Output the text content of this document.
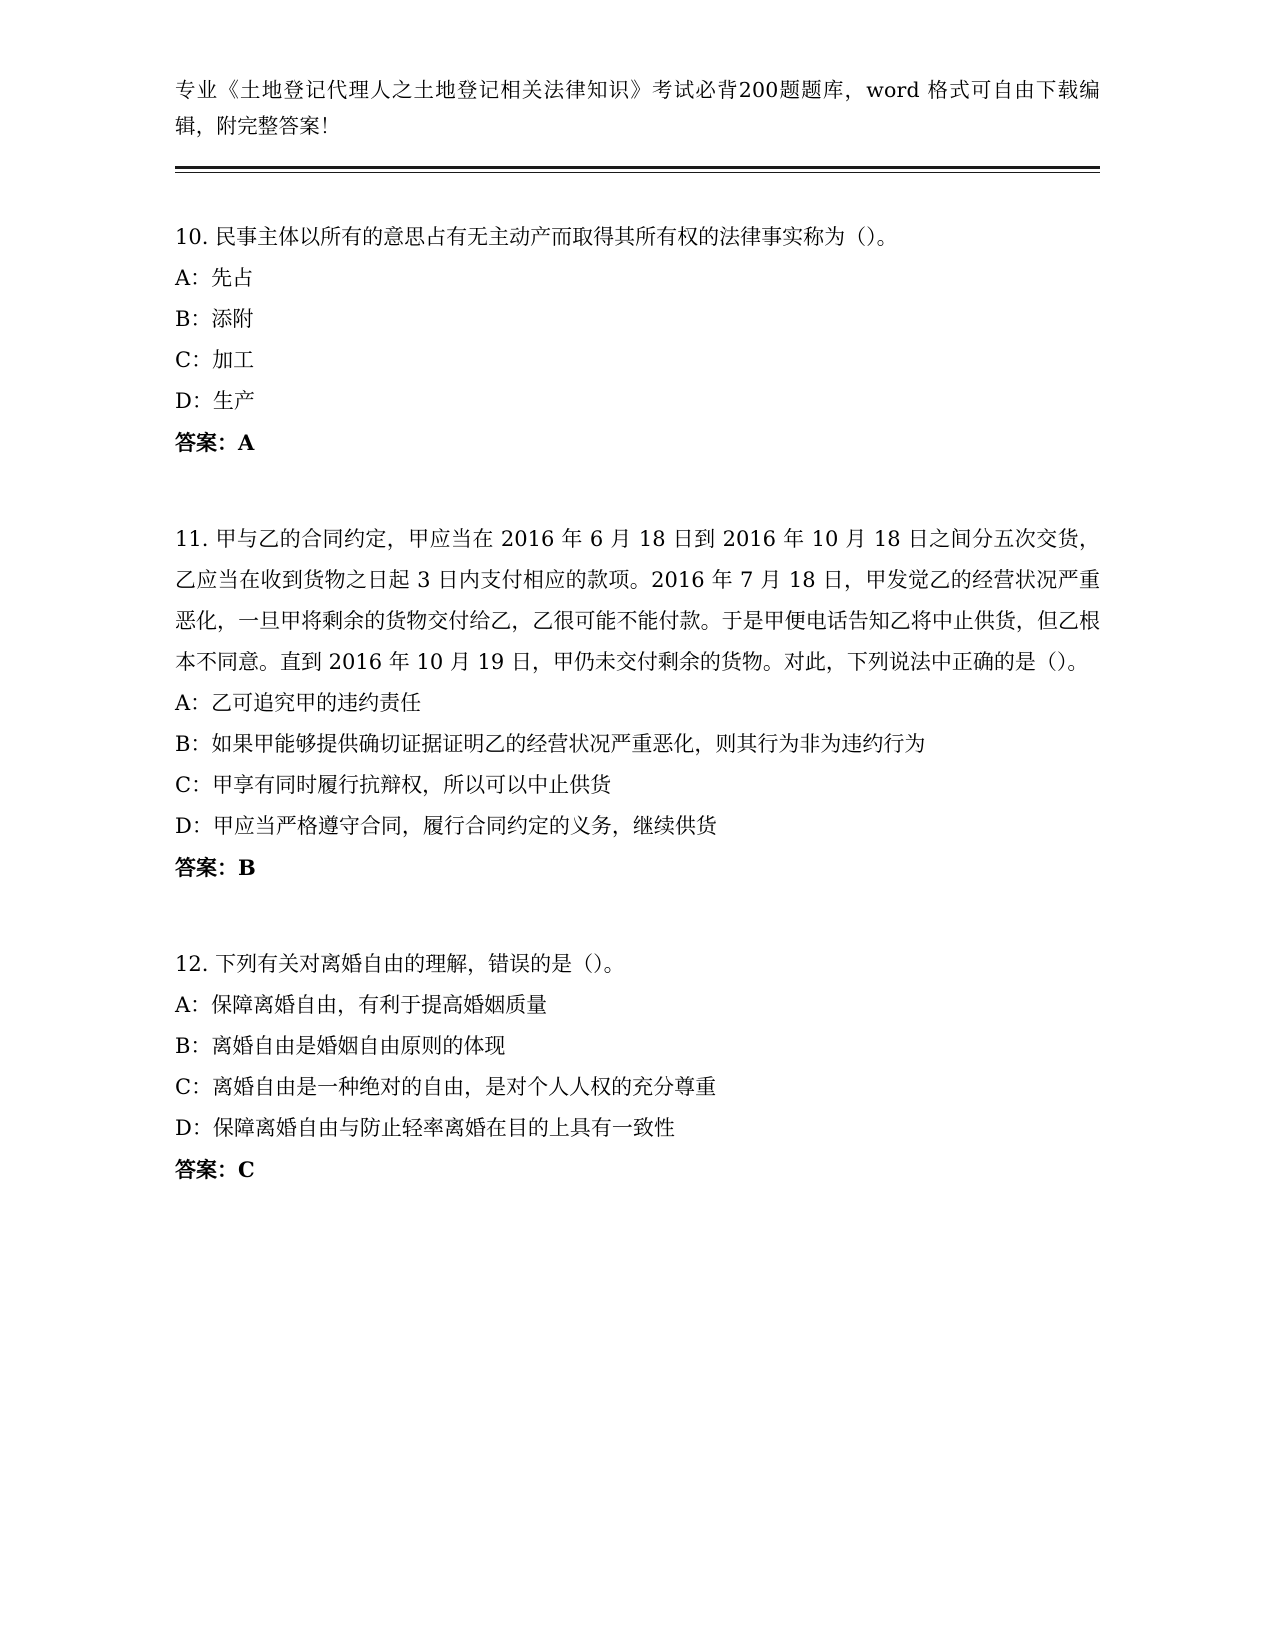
专业《土地登记代理人之土地登记相关法律知识》考试必背200题题库，word 格式可自由下载编辑，附完整答案！
10. 民事主体以所有的意思占有无主动产而取得其所有权的法律事实称为（）。
A：先占
B：添附
C：加工
D：生产
答案：A
11. 甲与乙的合同约定，甲应当在 2016 年 6 月 18 日到 2016 年 10 月 18 日之间分五次交货，乙应当在收到货物之日起 3 日内支付相应的款项。2016 年 7 月 18 日，甲发觉乙的经营状况严重恶化，一旦甲将剩余的货物交付给乙，乙很可能不能付款。于是甲便电话告知乙将中止供货，但乙根本不同意。直到 2016 年 10 月 19 日，甲仍未交付剩余的货物。对此，下列说法中正确的是（）。
A：乙可追究甲的违约责任
B：如果甲能够提供确切证据证明乙的经营状况严重恶化，则其行为非为违约行为
C：甲享有同时履行抗辩权，所以可以中止供货
D：甲应当严格遵守合同，履行合同约定的义务，继续供货
答案：B
12. 下列有关对离婚自由的理解，错误的是（）。
A：保障离婚自由，有利于提高婚姻质量
B：离婚自由是婚姻自由原则的体现
C：离婚自由是一种绝对的自由，是对个人人权的充分尊重
D：保障离婚自由与防止轻率离婚在目的上具有一致性
答案：C
